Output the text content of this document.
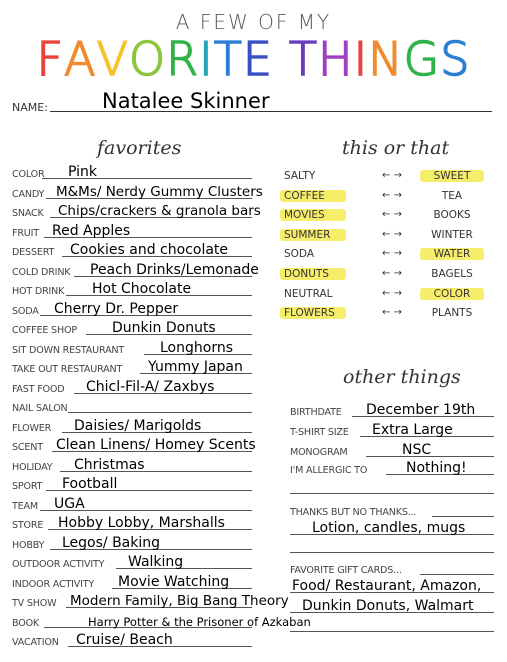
A FEW OF MY
FAVORITE THINGS
NAME:	Natalee Skinner
favorites
COLOR Pink
CANDY M&Ms/ Nerdy Gummy Clusters
SNACK Chips/crackers & granola bars
FRUIT Red Apples
DESSERT Cookies and chocolate
COLD DRINK Peach Drinks/Lemonade
HOT DRINK Hot Chocolate
SODA Cherry Dr. Pepper
COFFEE SHOP	Dunkin Donuts
SIT DOWN RESTAURANT	Longhorns
TAKE OUT RESTAURANT Yummy Japan
FAST FOOD Chicl-Fil-A/ Zaxbys
NAIL SALON
FLOWER Daisies/ Marigolds
SCENT Clean Linens/ Homey Scents
HOLIDAY Christmas
SPORT Football
TEAM UGA
STORE Hobby Lobby, Marshalls
HOBBY Legos/ Baking
OUTDOOR ACTIVITY Walking
INDOOR ACTIVITY Movie Watching
TV SHOW Modern Family, Big Bang Theory
BOOK	Harry Potter & the Prisoner of Azkaban
VACATION Cruise/ Beach
this or that
SALTY	← →	SWEET
COFFEE	← →	TEA
MOVIES	← →	BOOKS
SUMMER	← →	WINTER
SODA	← →	WATER
DONUTS	← →	BAGELS
NEUTRAL	← →	COLOR
FLOWERS	← →	PLANTS
other things
BIRTHDATE December 19th
T-SHIRT SIZE Extra Large
MONOGRAM	NSC
I'M ALLERGIC TO	Nothing!
THANKS BUT NO THANKS...
Lotion, candles, mugs
FAVORITE GIFT CARDS...
Food/ Restaurant, Amazon,
Dunkin Donuts, Walmart
